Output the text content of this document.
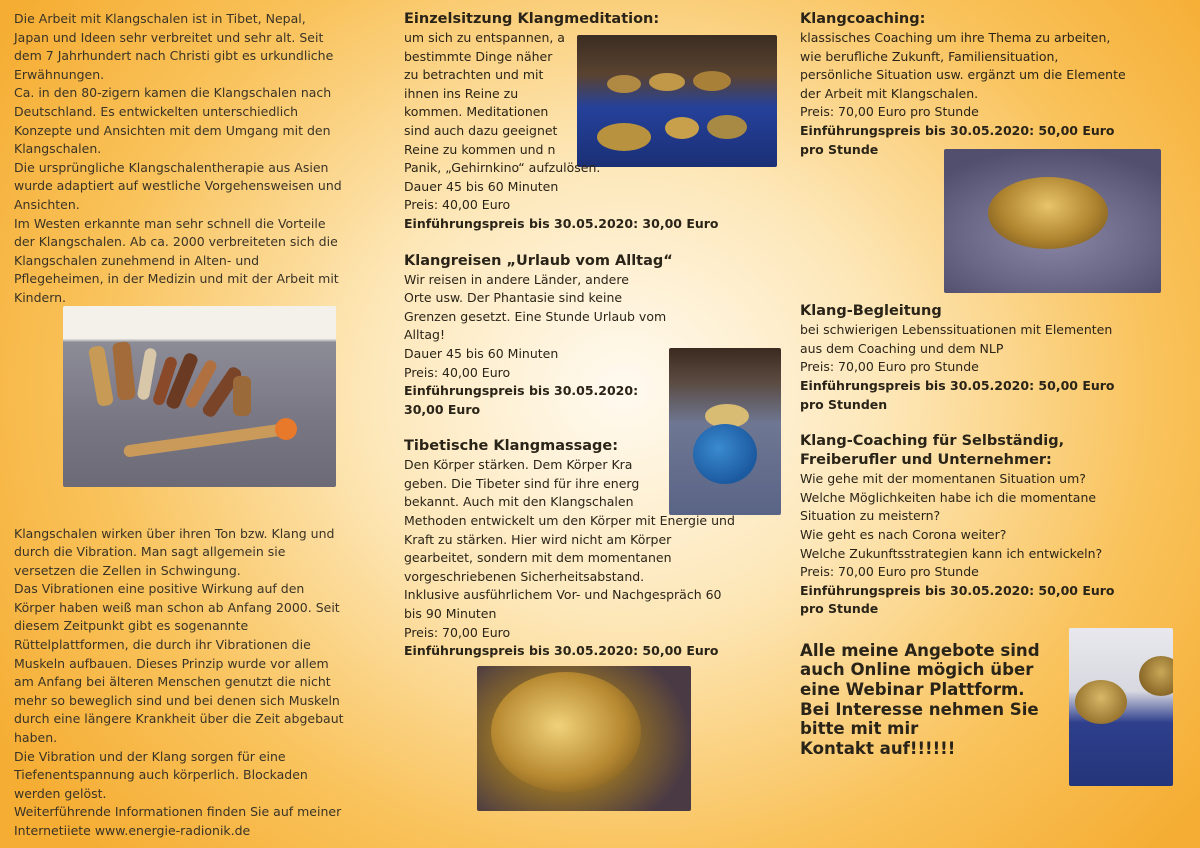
Die Arbeit mit Klangschalen ist in Tibet, Nepal,

Japan und Ideen sehr verbreitet und sehr alt. Seit

dem 7 Jahrhundert nach Christi gibt es urkundliche

Erwähnungen.

Ca. in den 80-zigern kamen die Klangschalen nach

Deutschland. Es entwickelten unterschiedlich

Konzepte und Ansichten mit dem Umgang mit den

Klangschalen.

Die ursprüngliche Klangschalentherapie aus Asien

wurde adaptiert auf westliche Vorgehensweisen und

Ansichten.

Im Westen erkannte man sehr schnell die Vorteile

der Klangschalen. Ab ca. 2000 verbreiteten sich die

Klangschalen zunehmend in Alten- und

Pflegeheimen, in der Medizin und mit der Arbeit mit

Kindern.

Klangschalen wirken über ihren Ton bzw. Klang und

durch die Vibration. Man sagt allgemein sie

versetzen die Zellen in Schwingung.

Das Vibrationen eine positive Wirkung auf den

Körper haben weiß man schon ab Anfang 2000. Seit

diesem Zeitpunkt gibt es sogenannte

Rüttelplattformen, die durch ihr Vibrationen die

Muskeln aufbauen. Dieses Prinzip wurde vor allem

am Anfang bei älteren Menschen genutzt die nicht

mehr so beweglich sind und bei denen sich Muskeln

durch eine längere Krankheit über die Zeit abgebaut

haben.

Die Vibration und der Klang sorgen für eine

Tiefenentspannung auch körperlich. Blockaden

werden gelöst.

Weiterführende Informationen finden Sie auf meiner

Internetiiete www.energie-radionik.de

Einzelsitzung Klangmeditation:

um sich zu entspannen, a

bestimmte Dinge näher

zu betrachten und mit

ihnen ins Reine zu

kommen. Meditationen

sind auch dazu geeignet

Reine zu kommen und n

Panik, „Gehirnkino“ aufzulösen.

Dauer 45 bis 60 Minuten

Preis: 40,00 Euro

Einführungspreis bis 30.05.2020: 30,00 Euro

Klangreisen „Urlaub vom Alltag“

Wir reisen in andere Länder, andere

Orte usw. Der Phantasie sind keine

Grenzen gesetzt. Eine Stunde Urlaub vom

Alltag!

Dauer 45 bis 60 Minuten

Preis: 40,00 Euro

Einführungspreis bis 30.05.2020:

30,00 Euro

Tibetische Klangmassage:

Den Körper stärken. Dem Körper Kra

geben. Die Tibeter sind für ihre energ

bekannt. Auch mit den Klangschalen

Methoden entwickelt um den Körper mit Energie und

Kraft zu stärken. Hier wird nicht am Körper

gearbeitet, sondern mit dem momentanen

vorgeschriebenen Sicherheitsabstand.

Inklusive ausführlichem Vor- und Nachgespräch 60

bis 90 Minuten

Preis: 70,00 Euro

Einführungspreis bis 30.05.2020: 50,00 Euro

Klangcoaching:

klassisches Coaching um ihre Thema zu arbeiten,

wie berufliche Zukunft, Familiensituation,

persönliche Situation usw. ergänzt um die Elemente

der Arbeit mit Klangschalen.

Preis: 70,00 Euro pro Stunde

Einführungspreis bis 30.05.2020: 50,00 Euro

pro Stunde

Klang-Begleitung

bei schwierigen Lebenssituationen mit Elementen

aus dem Coaching und dem NLP

Preis: 70,00 Euro pro Stunde

Einführungspreis bis 30.05.2020: 50,00 Euro

pro Stunden

Klang-Coaching für Selbständig,

Freiberufler und Unternehmer:

Wie gehe mit der momentanen Situation um?

Welche Möglichkeiten habe ich die momentane

Situation zu meistern?

Wie geht es nach Corona weiter?

Welche Zukunftsstrategien kann ich entwickeln?

Preis: 70,00 Euro pro Stunde

Einführungspreis bis 30.05.2020: 50,00 Euro

pro Stunde

Alle meine Angebote sind

auch Online mögich über

eine Webinar Plattform.

Bei Interesse nehmen Sie

bitte mit mir

Kontakt auf!!!!!!
